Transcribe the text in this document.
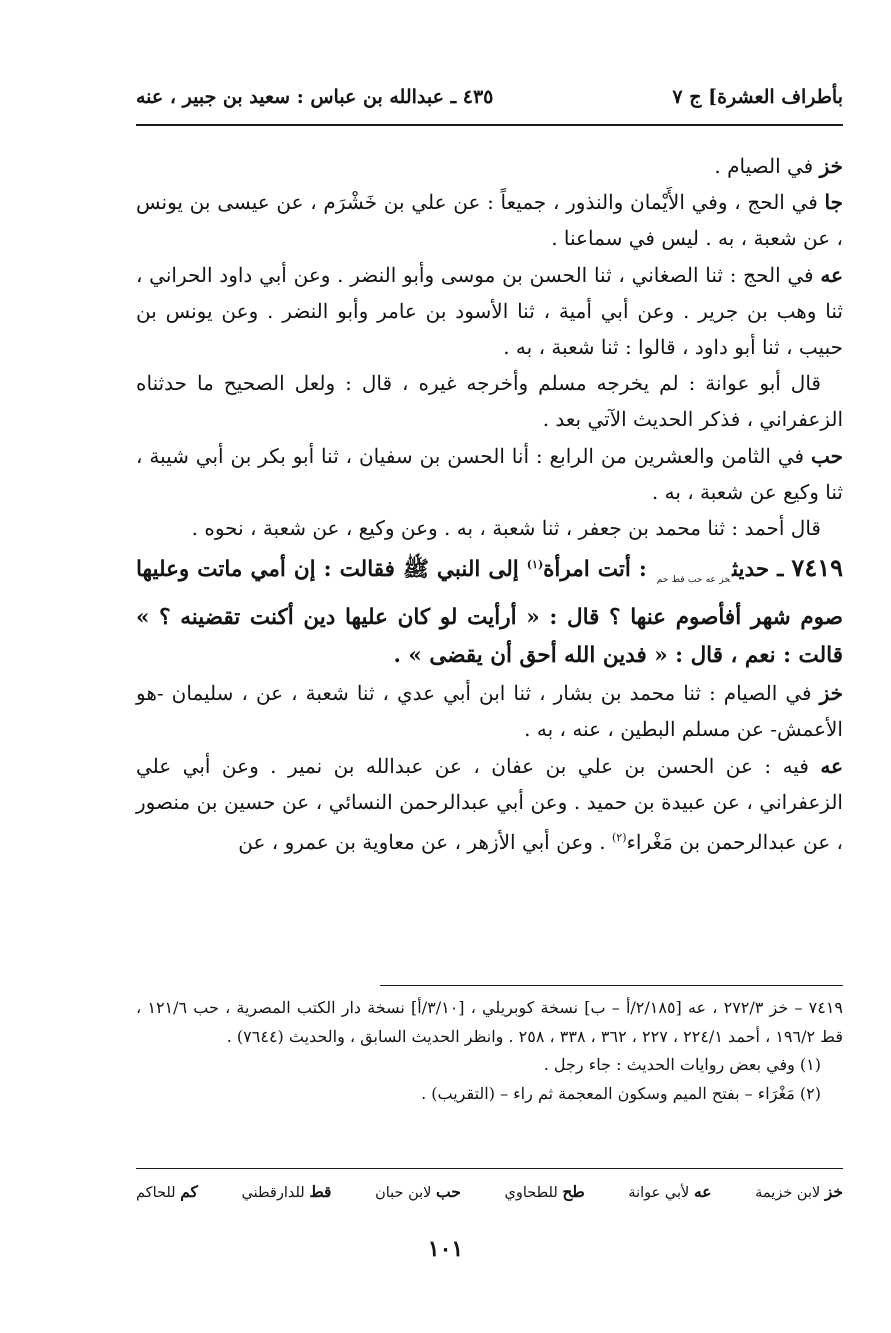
بأطراف العشرة] ج ٧
٤٣٥ ـ عبدالله بن عباس : سعيد بن جبير ، عنه

خز في الصيام .

جا في الحج ، وفي الأَيْمان والنذور ، جميعاً : عن علي بن خَشْرَم ، عن عيسى بن يونس ، عن شعبة ، به . ليس في سماعنا .

عه في الحج : ثنا الصغاني ، ثنا الحسن بن موسى وأبو النضر . وعن أبي داود الحراني ، ثنا وهب بن جرير . وعن أبي أمية ، ثنا الأسود بن عامر وأبو النضر . وعن يونس بن حبيب ، ثنا أبو داود ، قالوا : ثنا شعبة ، به .

قال أبو عوانة : لم يخرجه مسلم وأخرجه غيره ، قال : ولعل الصحيح ما حدثناه الزعفراني ، فذكر الحديث الآتي بعد .

حب في الثامن والعشرين من الرابع : أنا الحسن بن سفيان ، ثنا أبو بكر بن أبي شيبة ، ثنا وكيع عن شعبة ، به .

قال أحمد : ثنا محمد بن جعفر ، ثنا شعبة ، به . وعن وكيع ، عن شعبة ، نحوه .

٧٤١٩ ـ حديث$_{خز عه حب قط حم}$ : أتت امرأة$^{(١)}$ إلى النبي ﷺ فقالت : إن أمي ماتت وعليها صوم شهر أفأصوم عنها ؟ قال : « أرأيت لو كان عليها دين أكنت تقضينه ؟ » قالت : نعم ، قال : « فدين الله أحق أن يقضى » .

خز في الصيام : ثنا محمد بن بشار ، ثنا ابن أبي عدي ، ثنا شعبة ، عن ، سليمان -هو الأعمش- عن مسلم البطين ، عنه ، به .

عه فيه : عن الحسن بن علي بن عفان ، عن عبدالله بن نمير . وعن أبي علي الزعفراني ، عن عبيدة بن حميد . وعن أبي عبدالرحمن النسائي ، عن حسين بن منصور ، عن عبدالرحمن بن مَغْراء$^{(٢)}$ . وعن أبي الأزهر ، عن معاوية بن عمرو ، عن

٧٤١٩ – خز ٢٧٢/٣ ، عه [٢/١٨٥/أ – ب] نسخة كوبريلي ، [٣/١٠/أ] نسخة دار الكتب المصرية ، حب ١٢١/٦ ، قط ١٩٦/٢ ، أحمد ٢٢٤/١ ، ٢٢٧ ، ٣٦٢ ، ٣٣٨ ، ٢٥٨ . وانظر الحديث السابق ، والحديث (٧٦٤٤) .

(١) وفي بعض روايات الحديث : جاء رجل .

(٢) مَغْرَاء – بفتح الميم وسكون المعجمة ثم راء – (التقريب) .

خز لابن خزيمة
عه لأبي عوانة
طح للطحاوي
حب لابن حبان
قط للدارقطني
كم للحاكم
١٠١
